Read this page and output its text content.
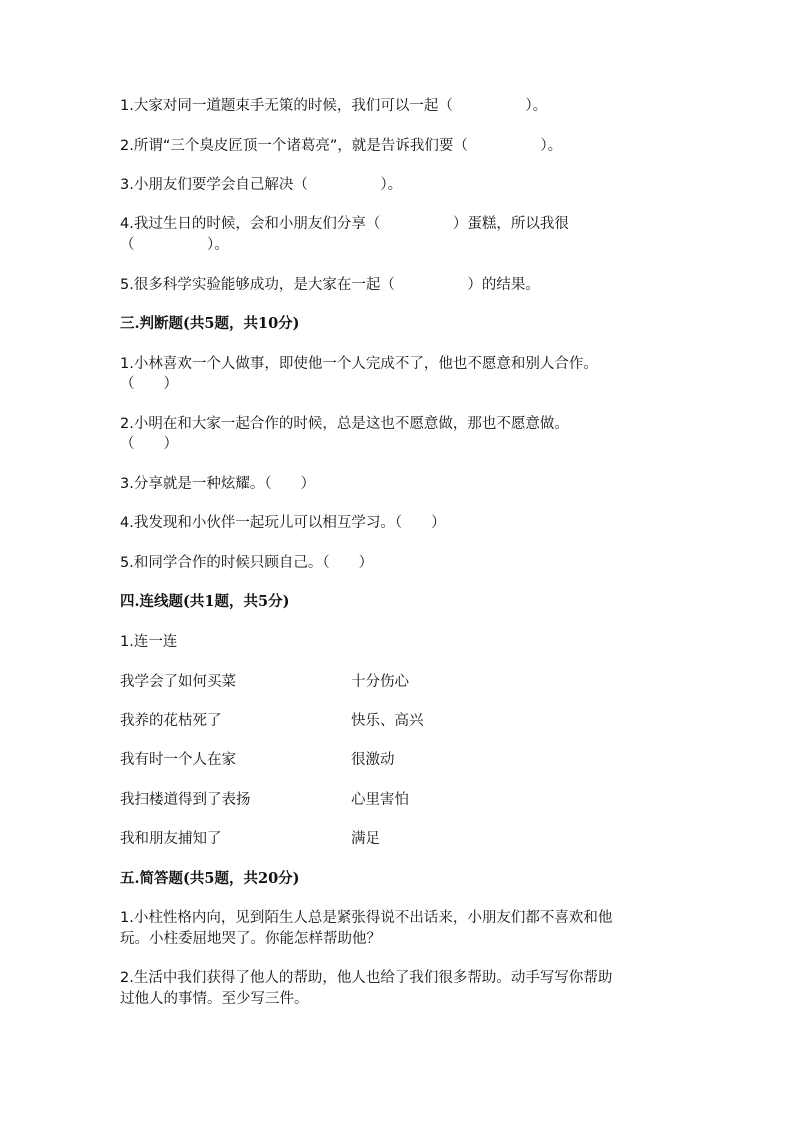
1.大家对同一道题束手无策的时候，我们可以一起（　　　　　）。
2.所谓“三个臭皮匠顶一个诸葛亮”，就是告诉我们要（　　　　　）。
3.小朋友们要学会自己解决（　　　　　）。
4.我过生日的时候，会和小朋友们分享（　　　　　）蛋糕，所以我很
（　　　　　）。
5.很多科学实验能够成功，是大家在一起（　　　　　）的结果。
三.判断题(共5题，共10分)
1.小林喜欢一个人做事，即使他一个人完成不了，他也不愿意和别人合作。
（　　）
2.小明在和大家一起合作的时候，总是这也不愿意做，那也不愿意做。
（　　）
3.分享就是一种炫耀。（　　）
4.我发现和小伙伴一起玩儿可以相互学习。（　　）
5.和同学合作的时候只顾自己。（　　）
四.连线题(共1题，共5分)
1.连一连
我学会了如何买菜	十分伤心
我养的花枯死了	快乐、高兴
我有时一个人在家	很激动
我扫楼道得到了表扬	心里害怕
我和朋友捕知了	满足
五.简答题(共5题，共20分)
1.小柱性格内向，见到陌生人总是紧张得说不出话来，小朋友们都不喜欢和他
玩。小柱委屈地哭了。你能怎样帮助他？
2.生活中我们获得了他人的帮助，他人也给了我们很多帮助。动手写写你帮助
过他人的事情。至少写三件。
